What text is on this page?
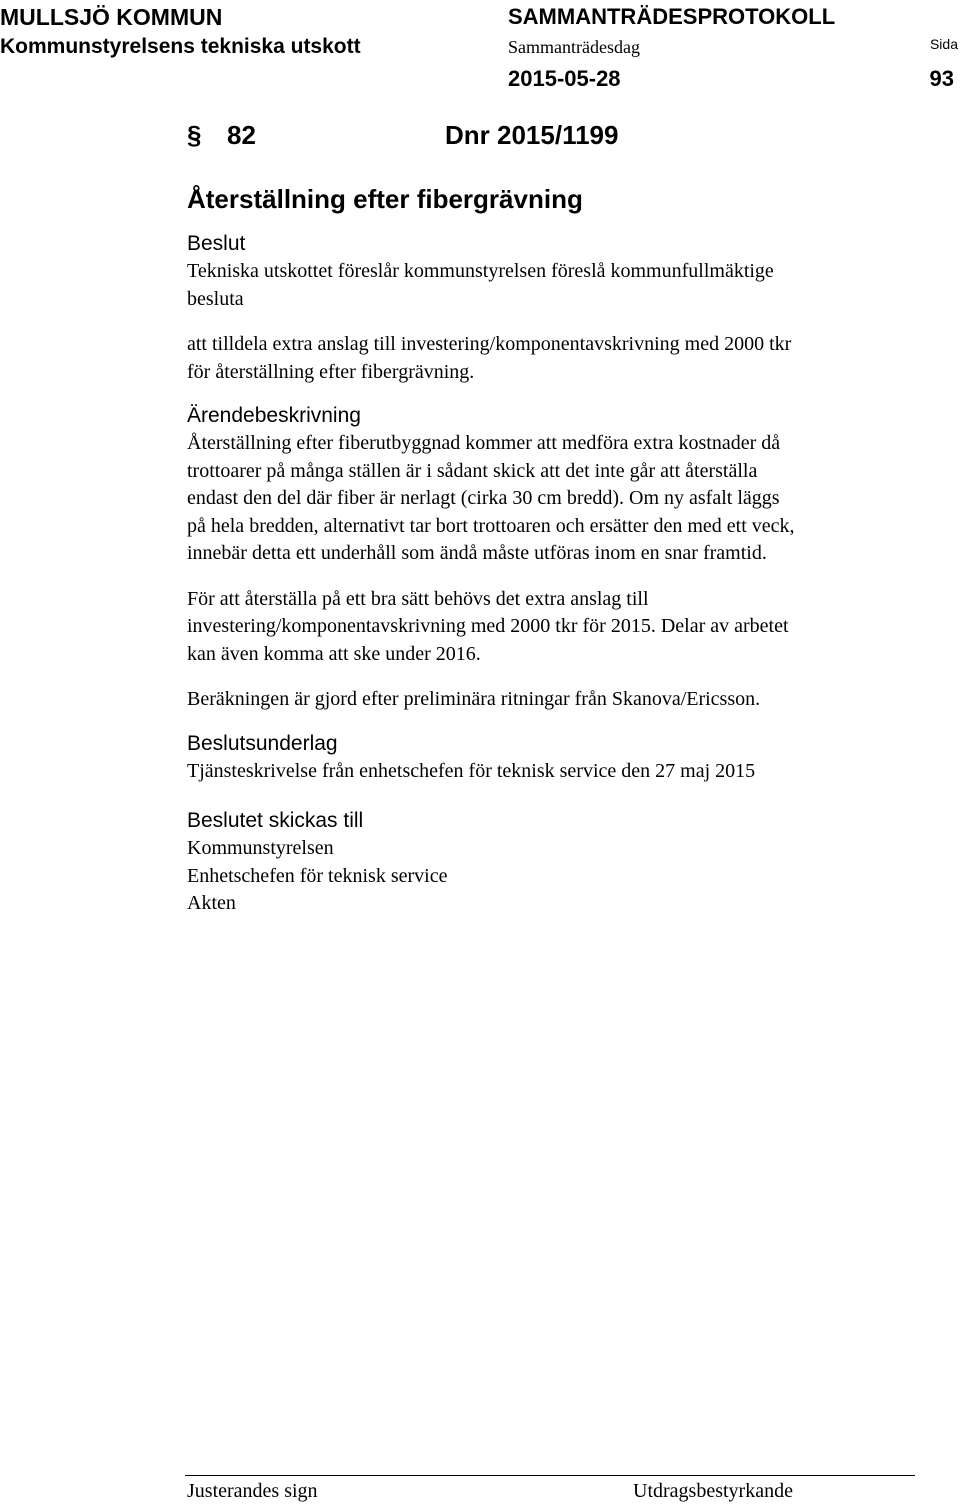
MULLSJÖ KOMMUN
Kommunstyrelsens tekniska utskott
SAMMANTRÄDESPROTOKOLL
Sammanträdesdag
2015-05-28
Sida
93
§ 82	Dnr 2015/1199
Återställning efter fibergrävning
Beslut

Tekniska utskottet föreslår kommunstyrelsen föreslå kommunfullmäktige
besluta

att tilldela extra anslag till investering/komponentavskrivning med 2000 tkr
för återställning efter fibergrävning.

Ärendebeskrivning

Återställning efter fiberutbyggnad kommer att medföra extra kostnader då
trottoarer på många ställen är i sådant skick att det inte går att återställa
endast den del där fiber är nerlagt (cirka 30 cm bredd). Om ny asfalt läggs
på hela bredden, alternativt tar bort trottoaren och ersätter den med ett veck,
innebär detta ett underhåll som ändå måste utföras inom en snar framtid.

För att återställa på ett bra sätt behövs det extra anslag till
investering/komponentavskrivning med 2000 tkr för 2015. Delar av arbetet
kan även komma att ske under 2016.

Beräkningen är gjord efter preliminära ritningar från Skanova/Ericsson.

Beslutsunderlag

Tjänsteskrivelse från enhetschefen för teknisk service den 27 maj 2015

Beslutet skickas till

Kommunstyrelsen
Enhetschefen för teknisk service
Akten

Justerandes sign	Utdragsbestyrkande
